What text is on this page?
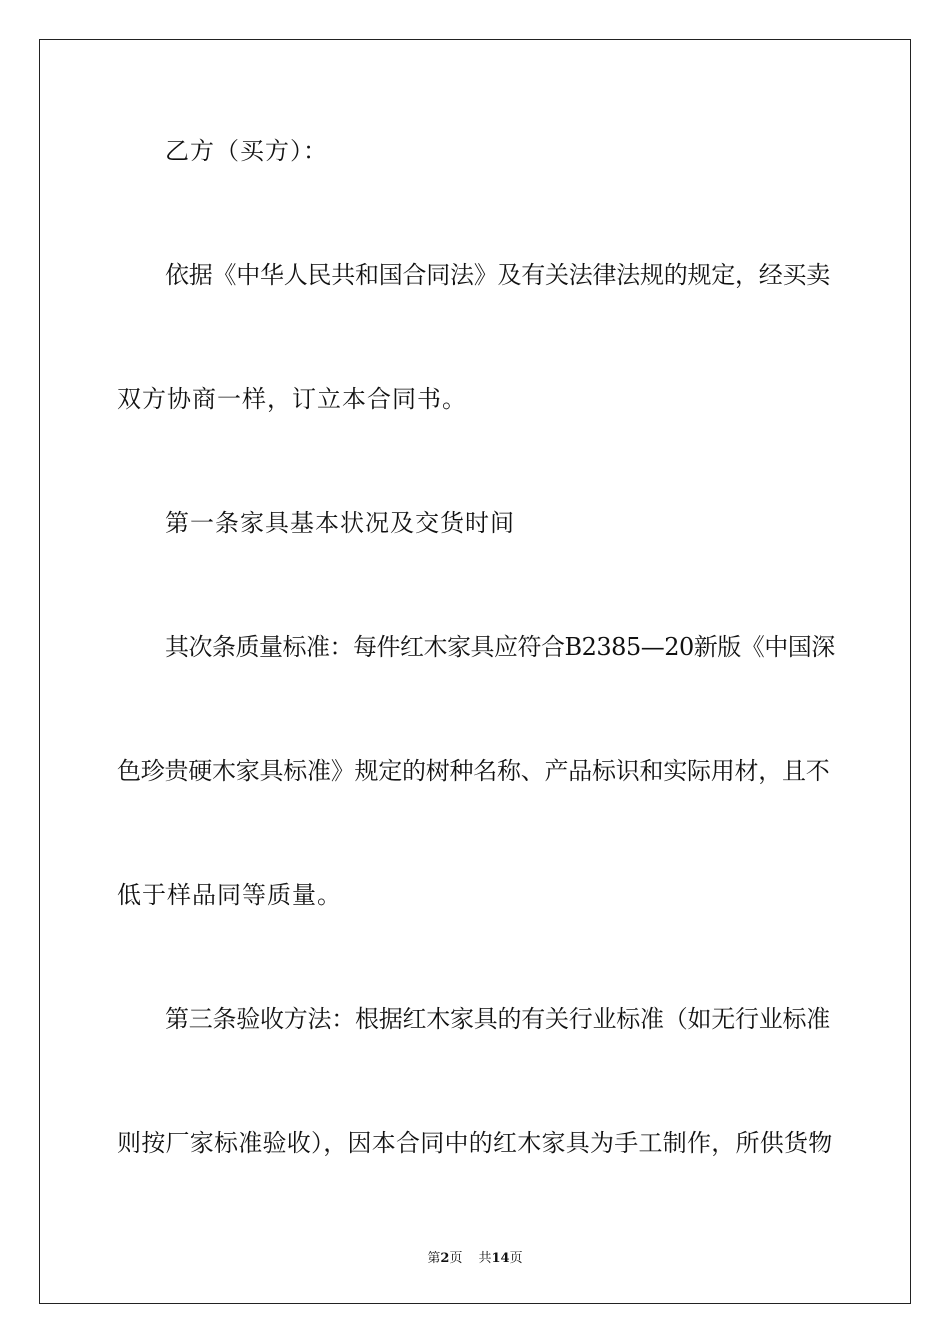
乙方（买方）：
依据《中华人民共和国合同法》及有关法律法规的规定，经买卖
双方协商一样，订立本合同书。
第一条家具基本状况及交货时间
其次条质量标准：每件红木家具应符合B2385—20新版《中国深
色珍贵硬木家具标准》规定的树种名称、产品标识和实际用材，且不
低于样品同等质量。
第三条验收方法：根据红木家具的有关行业标准（如无行业标准
则按厂家标准验收），因本合同中的红木家具为手工制作，所供货物
第2页 共14页
